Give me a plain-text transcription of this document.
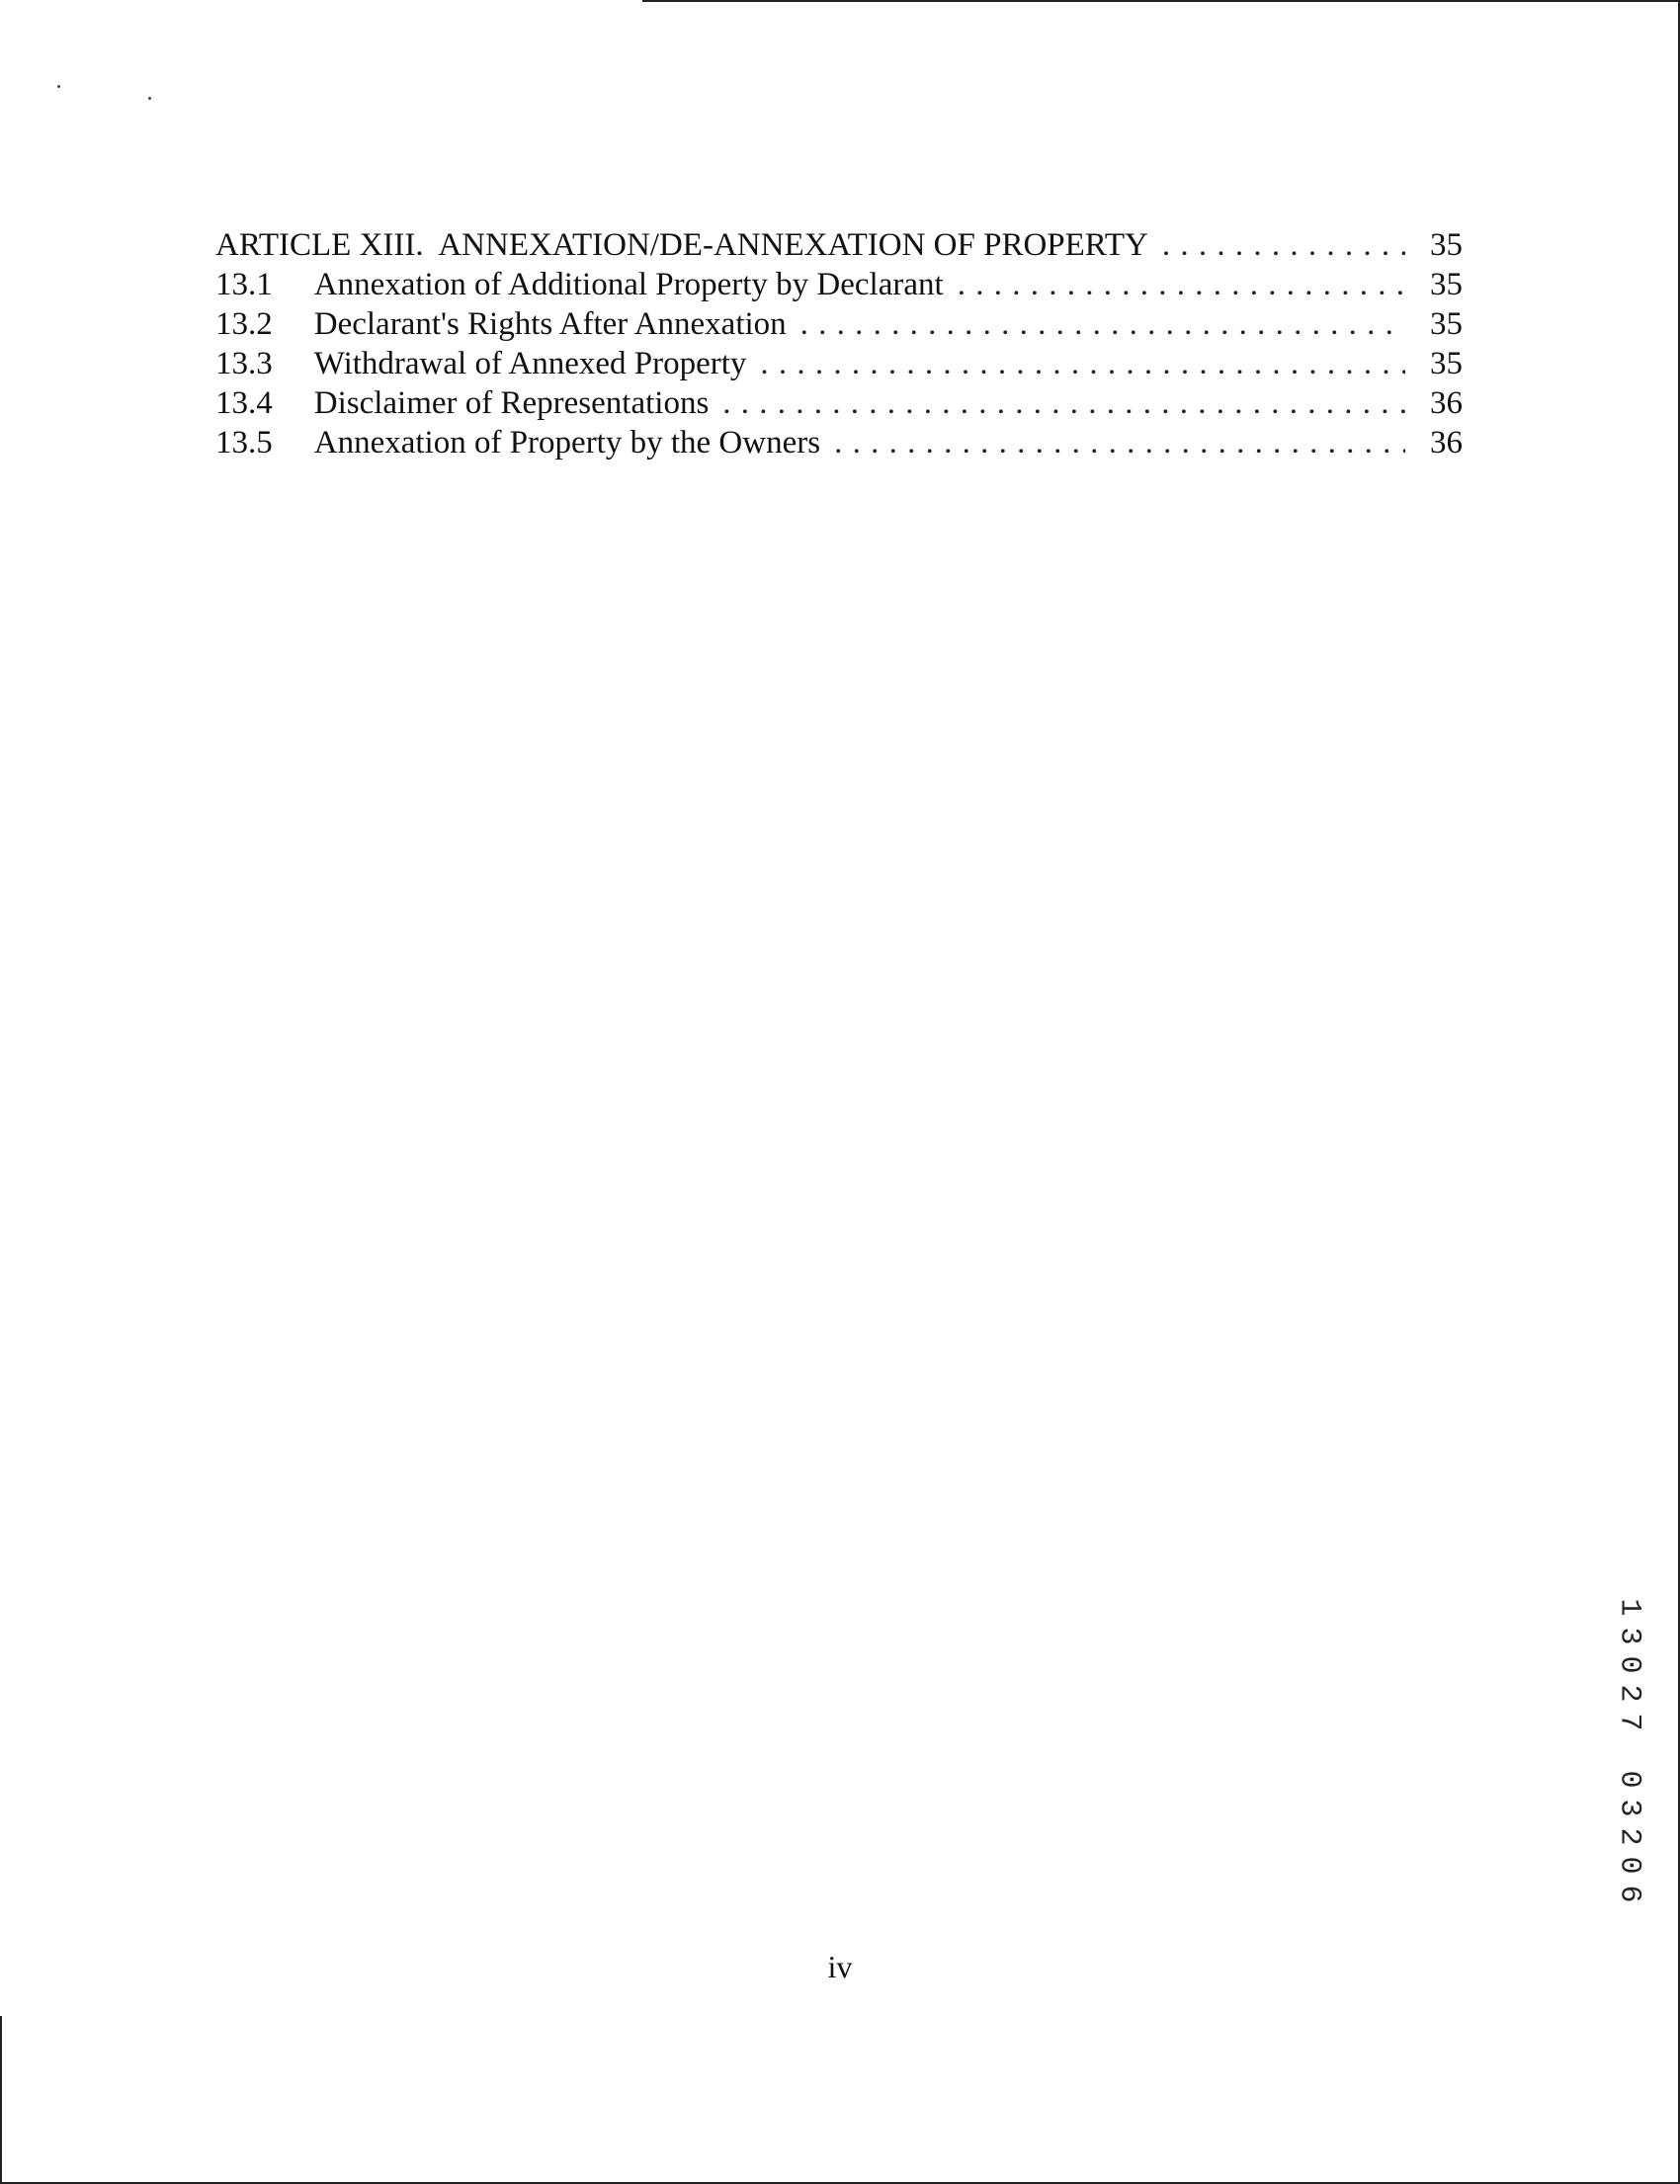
ARTICLE XIII. ANNEXATION/DE-ANNEXATION OF PROPERTY . . .	35
13.1	Annexation of Additional Property by Declarant . . .	35
13.2	Declarant's Rights After Annexation . . .	35
13.3	Withdrawal of Annexed Property . . .	35
13.4	Disclaimer of Representations . . .	36
13.5	Annexation of Property by the Owners . . .	36
1
3
0
2
7

0
3
2
0
6
iv
